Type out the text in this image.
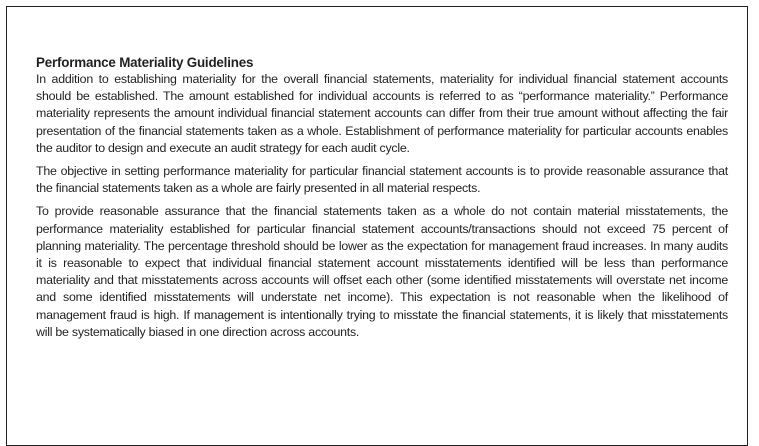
Performance Materiality Guidelines

In addition to establishing materiality for the overall financial statements, materiality for individual financial statement accounts should be established. The amount established for individual accounts is referred to as “performance materiality.” Performance materiality represents the amount individual financial statement accounts can differ from their true amount without affecting the fair presentation of the financial statements taken as a whole. Establishment of performance materiality for particular accounts enables the auditor to design and execute an audit strategy for each audit cycle.

The objective in setting performance materiality for particular financial statement accounts is to provide reasonable assurance that the financial statements taken as a whole are fairly presented in all material respects.

To provide reasonable assurance that the financial statements taken as a whole do not contain material misstatements, the performance materiality established for particular financial statement accounts/transactions should not exceed 75 percent of planning materiality. The percentage threshold should be lower as the expectation for management fraud increases. In many audits it is reasonable to expect that individual financial statement account misstatements identified will be less than performance materiality and that misstatements across accounts will offset each other (some identified misstatements will overstate net income and some identified misstatements will understate net income). This expectation is not reasonable when the likelihood of management fraud is high. If management is intentionally trying to misstate the financial statements, it is likely that misstatements will be systematically biased in one direction across accounts.
